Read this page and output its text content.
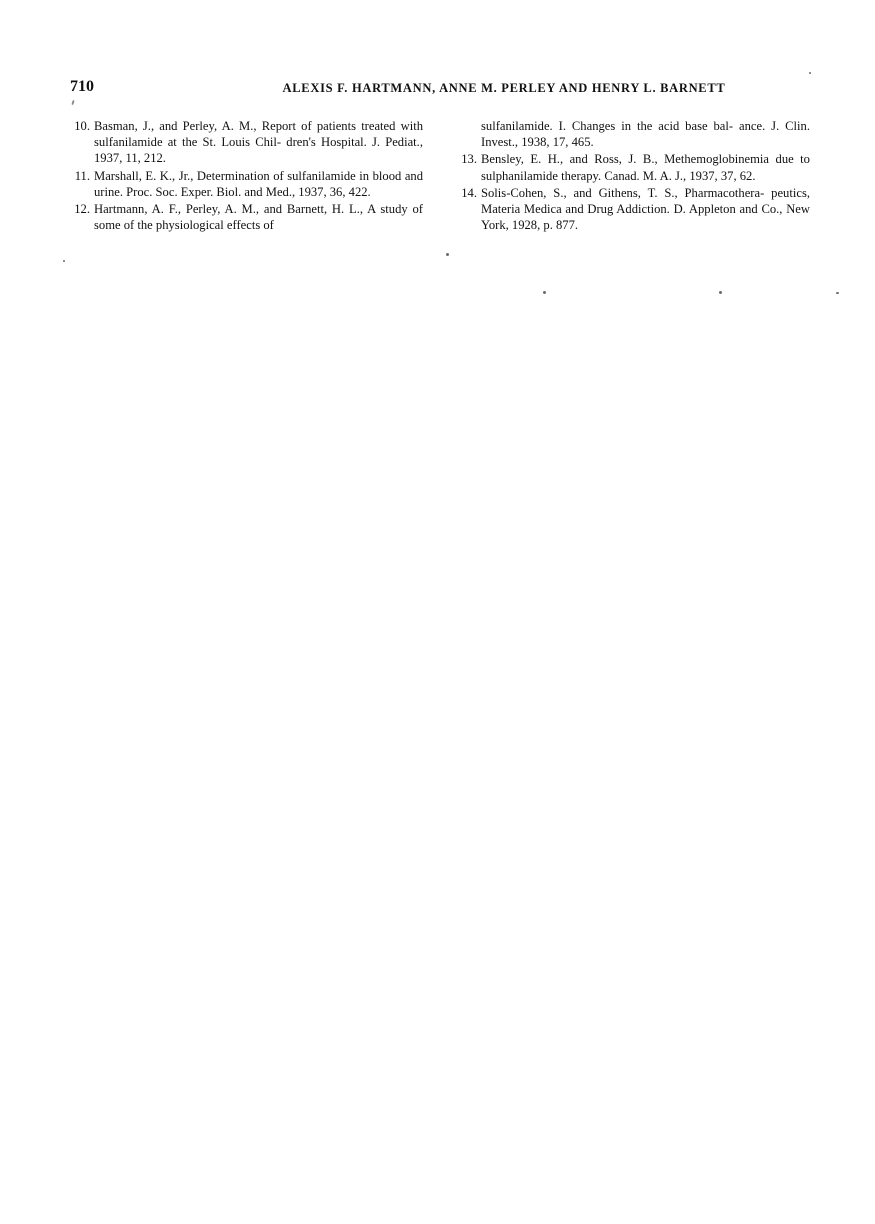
710	ALEXIS F. HARTMANN, ANNE M. PERLEY AND HENRY L. BARNETT
10. Basman, J., and Perley, A. M., Report of patients treated with sulfanilamide at the St. Louis Chil- dren's Hospital. J. Pediat., 1937, 11, 212.
11. Marshall, E. K., Jr., Determination of sulfanilamide in blood and urine. Proc. Soc. Exper. Biol. and Med., 1937, 36, 422.
12. Hartmann, A. F., Perley, A. M., and Barnett, H. L., A study of some of the physiological effects of
sulfanilamide. I. Changes in the acid base bal- ance. J. Clin. Invest., 1938, 17, 465.
13. Bensley, E. H., and Ross, J. B., Methemoglobinemia due to sulphanilamide therapy. Canad. M. A. J., 1937, 37, 62.
14. Solis-Cohen, S., and Githens, T. S., Pharmacothera- peutics, Materia Medica and Drug Addiction. D. Appleton and Co., New York, 1928, p. 877.
